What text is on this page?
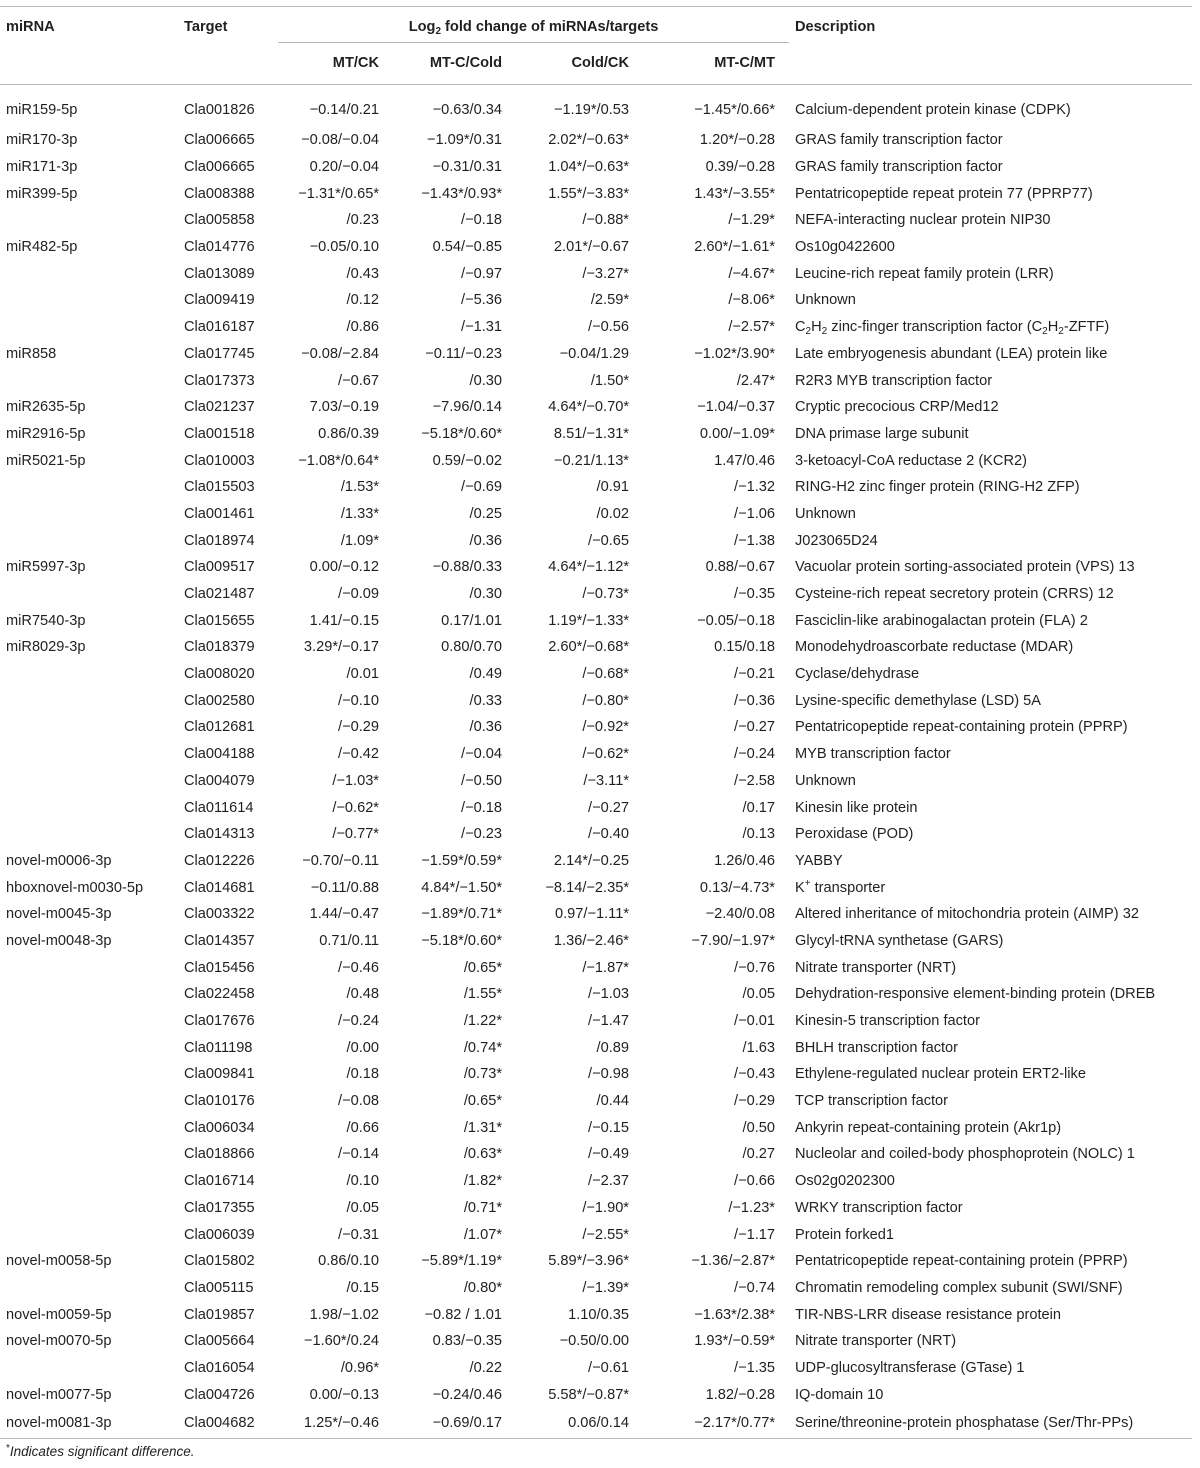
miRNA	Target	Log$_2$ fold change of miRNAs/targets				Description
		MT/CK	MT-C/Cold	Cold/CK	MT-C/MT	
miR159-5p	Cla001826	−0.14/0.21	−0.63/0.34	−1.19*/0.53	−1.45*/0.66*	Calcium-dependent protein kinase (CDPK)
miR170-3p	Cla006665	−0.08/−0.04	−1.09*/0.31	2.02*/−0.63*	1.20*/−0.28	GRAS family transcription factor
miR171-3p	Cla006665	0.20/−0.04	−0.31/0.31	1.04*/−0.63*	0.39/−0.28	GRAS family transcription factor
miR399-5p	Cla008388	−1.31*/0.65*	−1.43*/0.93*	1.55*/−3.83*	1.43*/−3.55*	Pentatricopeptide repeat protein 77 (PPRP77)
	Cla005858	/0.23	/−0.18	/−0.88*	/−1.29*	NEFA-interacting nuclear protein NIP30
miR482-5p	Cla014776	−0.05/0.10	0.54/−0.85	2.01*/−0.67	2.60*/−1.61*	Os10g0422600
	Cla013089	/0.43	/−0.97	/−3.27*	/−4.67*	Leucine-rich repeat family protein (LRR)
	Cla009419	/0.12	/−5.36	/2.59*	/−8.06*	Unknown
	Cla016187	/0.86	/−1.31	/−0.56	/−2.57*	$C_2H_2$ zinc-finger transcription factor $(C_2H_2-ZFTF)$
miR858	Cla017745	−0.08/−2.84	−0.11/−0.23	−0.04/1.29	−1.02*/3.90*	Late embryogenesis abundant (LEA) protein like
	Cla017373	/−0.67	/0.30	/1.50*	/2.47*	R2R3 MYB transcription factor
miR2635-5p	Cla021237	7.03/−0.19	−7.96/0.14	4.64*/−0.70*	−1.04/−0.37	Cryptic precocious CRP/Med12
miR2916-5p	Cla001518	0.86/0.39	−5.18*/0.60*	8.51/−1.31*	0.00/−1.09*	DNA primase large subunit
miR5021-5p	Cla010003	−1.08*/0.64*	0.59/−0.02	−0.21/1.13*	1.47/0.46	3-ketoacyl-CoA reductase 2 (KCR2)
	Cla015503	/1.53*	/−0.69	/0.91	/−1.32	RING-H2 zinc finger protein (RING-H2 ZFP)
	Cla001461	/1.33*	/0.25	/0.02	/−1.06	Unknown
	Cla018974	/1.09*	/0.36	/−0.65	/−1.38	J023065D24
miR5997-3p	Cla009517	0.00/−0.12	−0.88/0.33	4.64*/−1.12*	0.88/−0.67	Vacuolar protein sorting-associated protein (VPS) 13
	Cla021487	/−0.09	/0.30	/−0.73*	/−0.35	Cysteine-rich repeat secretory protein (CRRS) 12
miR7540-3p	Cla015655	1.41/−0.15	0.17/1.01	1.19*/−1.33*	−0.05/−0.18	Fasciclin-like arabinogalactan protein (FLA) 2
miR8029-3p	Cla018379	3.29*/−0.17	0.80/0.70	2.60*/−0.68*	0.15/0.18	Monodehydroascorbate reductase (MDAR)
	Cla008020	/0.01	/0.49	/−0.68*	/−0.21	Cyclase/dehydrase
	Cla002580	/−0.10	/0.33	/−0.80*	/−0.36	Lysine-specific demethylase (LSD) 5A
	Cla012681	/−0.29	/0.36	/−0.92*	/−0.27	Pentatricopeptide repeat-containing protein (PPRP)
	Cla004188	/−0.42	/−0.04	/−0.62*	/−0.24	MYB transcription factor
	Cla004079	/−1.03*	/−0.50	/−3.11*	/−2.58	Unknown
	Cla011614	/−0.62*	/−0.18	/−0.27	/0.17	Kinesin like protein
	Cla014313	/−0.77*	/−0.23	/−0.40	/0.13	Peroxidase (POD)
novel-m0006-3p	Cla012226	−0.70/−0.11	−1.59*/0.59*	2.14*/−0.25	1.26/0.46	YABBY
hboxnovel-m0030-5p	Cla014681	−0.11/0.88	4.84*/−1.50*	−8.14/−2.35*	0.13/−4.73*	K+ transporter
novel-m0045-3p	Cla003322	1.44/−0.47	−1.89*/0.71*	0.97/−1.11*	−2.40/0.08	Altered inheritance of mitochondria protein (AIMP) 32
novel-m0048-3p	Cla014357	0.71/0.11	−5.18*/0.60*	1.36/−2.46*	−7.90/−1.97*	Glycyl-tRNA synthetase (GARS)
	Cla015456	/−0.46	/0.65*	/−1.87*	/−0.76	Nitrate transporter (NRT)
	Cla022458	/0.48	/1.55*	/−1.03	/0.05	Dehydration-responsive element-binding protein (DREB
	Cla017676	/−0.24	/1.22*	/−1.47	/−0.01	Kinesin-5 transcription factor
	Cla011198	/0.00	/0.74*	/0.89	/1.63	BHLH transcription factor
	Cla009841	/0.18	/0.73*	/−0.98	/−0.43	Ethylene-regulated nuclear protein ERT2-like
	Cla010176	/−0.08	/0.65*	/0.44	/−0.29	TCP transcription factor
	Cla006034	/0.66	/1.31*	/−0.15	/0.50	Ankyrin repeat-containing protein (Akr1p)
	Cla018866	/−0.14	/0.63*	/−0.49	/0.27	Nucleolar and coiled-body phosphoprotein (NOLC) 1
	Cla016714	/0.10	/1.82*	/−2.37	/−0.66	Os02g0202300
	Cla017355	/0.05	/0.71*	/−1.90*	/−1.23*	WRKY transcription factor
	Cla006039	/−0.31	/1.07*	/−2.55*	/−1.17	Protein forked1
novel-m0058-5p	Cla015802	0.86/0.10	−5.89*/1.19*	5.89*/−3.96*	−1.36/−2.87*	Pentatricopeptide repeat-containing protein (PPRP)
	Cla005115	/0.15	/0.80*	/−1.39*	/−0.74	Chromatin remodeling complex subunit (SWI/SNF)
novel-m0059-5p	Cla019857	1.98/−1.02	−0.82 / 1.01	1.10/0.35	−1.63*/2.38*	TIR-NBS-LRR disease resistance protein
novel-m0070-5p	Cla005664	−1.60*/0.24	0.83/−0.35	−0.50/0.00	1.93*/−0.59*	Nitrate transporter (NRT)
	Cla016054	/0.96*	/0.22	/−0.61	/−1.35	UDP-glucosyltransferase (GTase) 1
novel-m0077-5p	Cla004726	0.00/−0.13	−0.24/0.46	5.58*/−0.87*	1.82/−0.28	IQ-domain 10
novel-m0081-3p	Cla004682	1.25*/−0.46	−0.69/0.17	0.06/0.14	−2.17*/0.77*	Serine/threonine-protein phosphatase (Ser/Thr-PPs)
*Indicates significant difference.
